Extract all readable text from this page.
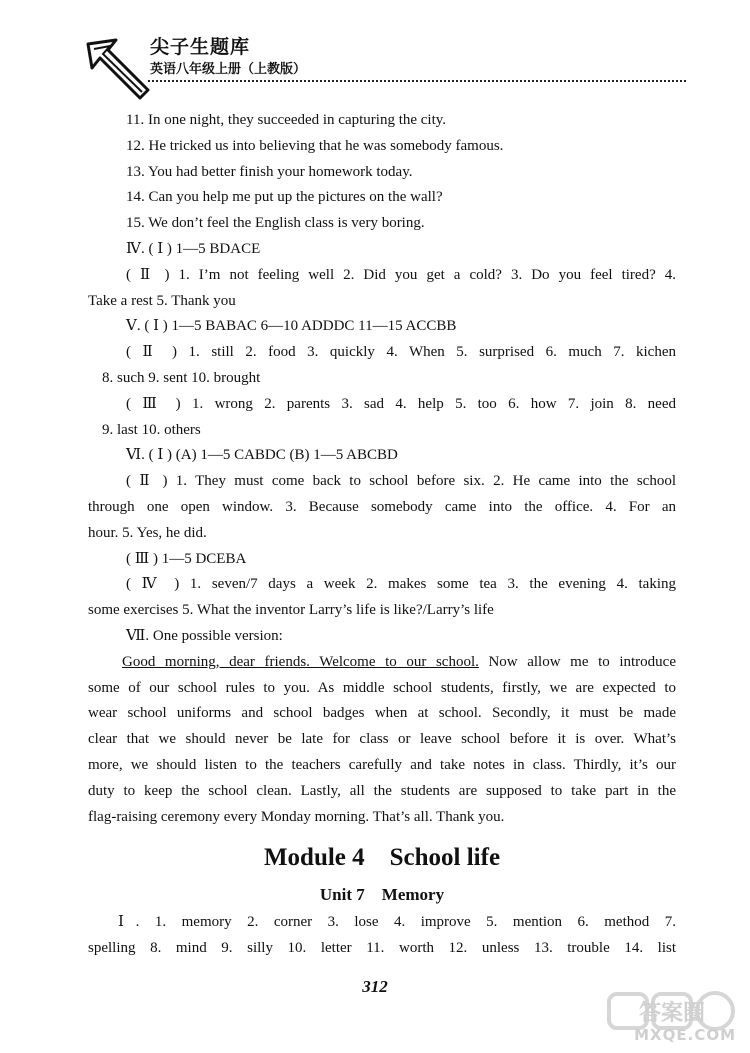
尖子生题库
英语八年级上册（上教版）
11. In one night, they succeeded in capturing the city.
12. He tricked us into believing that he was somebody famous.
13. You had better finish your homework today.
14. Can you help me put up the pictures on the wall?
15. We don’t feel the English class is very boring.
Ⅳ. ( Ⅰ ) 1—5 BDACE
( Ⅱ ) 1. I’m not feeling well 2. Did you get a cold? 3. Do you feel tired? 4.
Take a rest 5. Thank you
Ⅴ. ( Ⅰ ) 1—5 BABAC 6—10 ADDDC 11—15 ACCBB
( Ⅱ ) 1. still 2. food 3. quickly 4. When 5. surprised 6. much 7. kichen
8. such 9. sent 10. brought
( Ⅲ ) 1. wrong 2. parents 3. sad 4. help 5. too 6. how 7. join 8. need
9. last 10. others
Ⅵ. ( Ⅰ ) (A) 1—5 CABDC (B) 1—5 ABCBD
( Ⅱ ) 1. They must come back to school before six. 2. He came into the school
through one open window. 3. Because somebody came into the office. 4. For an
hour. 5. Yes, he did.
( Ⅲ ) 1—5 DCEBA
( Ⅳ ) 1. seven/7 days a week 2. makes some tea 3. the evening 4. taking
some exercises 5. What the inventor Larry’s life is like?/Larry’s life
Ⅶ. One possible version:
Good morning, dear friends. Welcome to our school. Now allow me to introduce
some of our school rules to you. As middle school students, firstly, we are expected to
wear school uniforms and school badges when at school. Secondly, it must be made
clear that we should never be late for class or leave school before it is over. What’s
more, we should listen to the teachers carefully and take notes in class. Thirdly, it’s our
duty to keep the school clean. Lastly, all the students are supposed to take part in the
flag-raising ceremony every Monday morning. That’s all. Thank you.
Module 4    School life
Unit 7    Memory
Ⅰ. 1. memory 2. corner 3. lose 4. improve 5. mention 6. method 7.
spelling 8. mind 9. silly 10. letter 11. worth 12. unless 13. trouble 14. list
312
答案圈
MXQE.COM
